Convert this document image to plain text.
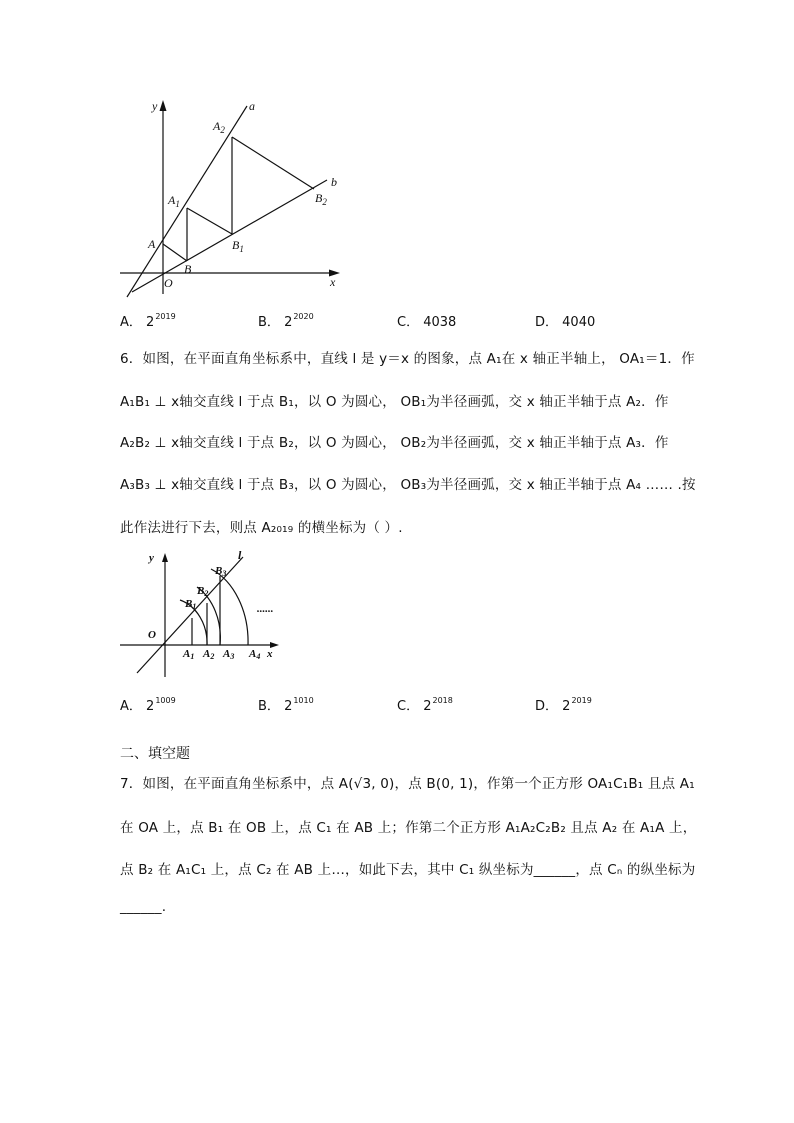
y	a
b
x
O
A
B
$A_1$
$B_1$
$A_2$
$B_2$
A． $2^{2019}$	B． $2^{2020}$	C． 4038	D． 4040
6．如图，在平面直角坐标系中，直线 l 是 y＝x 的图象，点 A₁在 x 轴正半轴上， OA₁＝1．作
A₁B₁ ⊥ x轴交直线 l 于点 B₁，以 O 为圆心， OB₁为半径画弧，交 x 轴正半轴于点 A₂．作
A₂B₂ ⊥ x轴交直线 l 于点 B₂，以 O 为圆心， OB₂为半径画弧，交 x 轴正半轴于点 A₃．作
A₃B₃ ⊥ x轴交直线 l 于点 B₃，以 O 为圆心， OB₃为半径画弧，交 x 轴正半轴于点 A₄ …… .按
此作法进行下去，则点 A₂₀₁₉ 的横坐标为（ ）.
y	l
x
O
......
B1
B2
B3
A1 A2 A3 A4
A． $2^{1009}$	B． $2^{1010}$	C． $2^{2018}$	D． $2^{2019}$
二、填空题
7．如图，在平面直角坐标系中，点 A(√3, 0)，点 B(0, 1)，作第一个正方形 OA₁C₁B₁ 且点 A₁
在 OA 上，点 B₁ 在 OB 上，点 C₁ 在 AB 上；作第二个正方形 A₁A₂C₂B₂ 且点 A₂ 在 A₁A 上，
点 B₂ 在 A₁C₁ 上，点 C₂ 在 AB 上…，如此下去，其中 C₁ 纵坐标为______，点 Cₙ 的纵坐标为
______.
